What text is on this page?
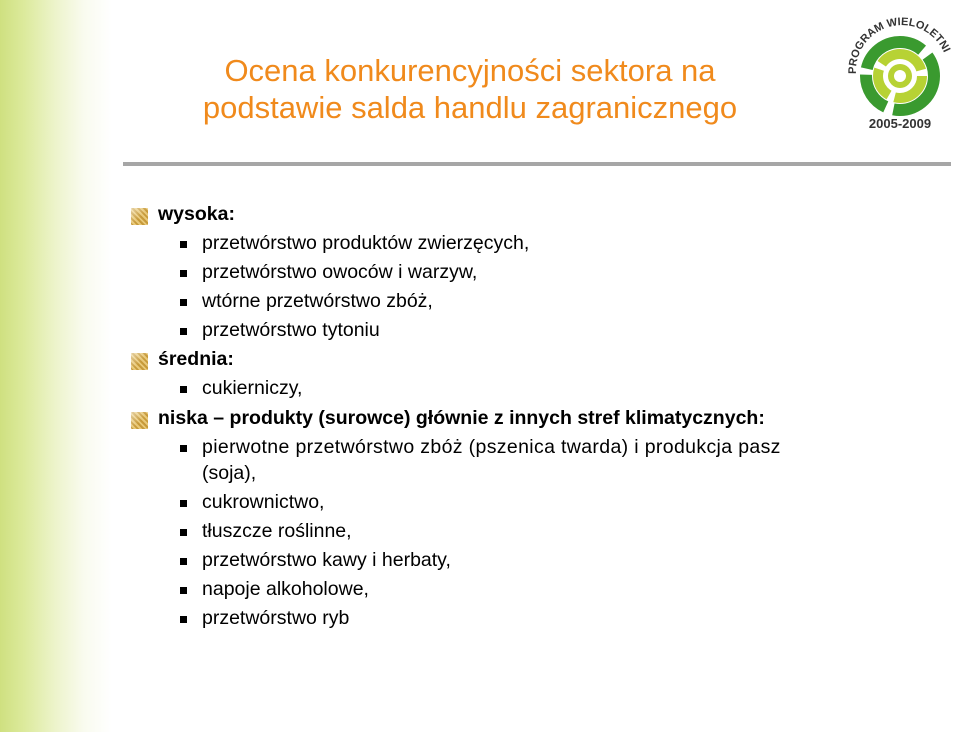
Ocena konkurencyjności sektora na
podstawie salda handlu zagranicznego
PROGRAM WIELOLETNI
2005-2009
wysoka:
przetwórstwo produktów zwierzęcych,
przetwórstwo owoców i warzyw,
wtórne przetwórstwo zbóż,
przetwórstwo tytoniu
średnia:
cukierniczy,
niska – produkty (surowce) głównie z innych stref klimatycznych:
pierwotne przetwórstwo zbóż (pszenica twarda) i produkcja pasz
(soja),
cukrownictwo,
tłuszcze roślinne,
przetwórstwo kawy i herbaty,
napoje alkoholowe,
przetwórstwo ryb
